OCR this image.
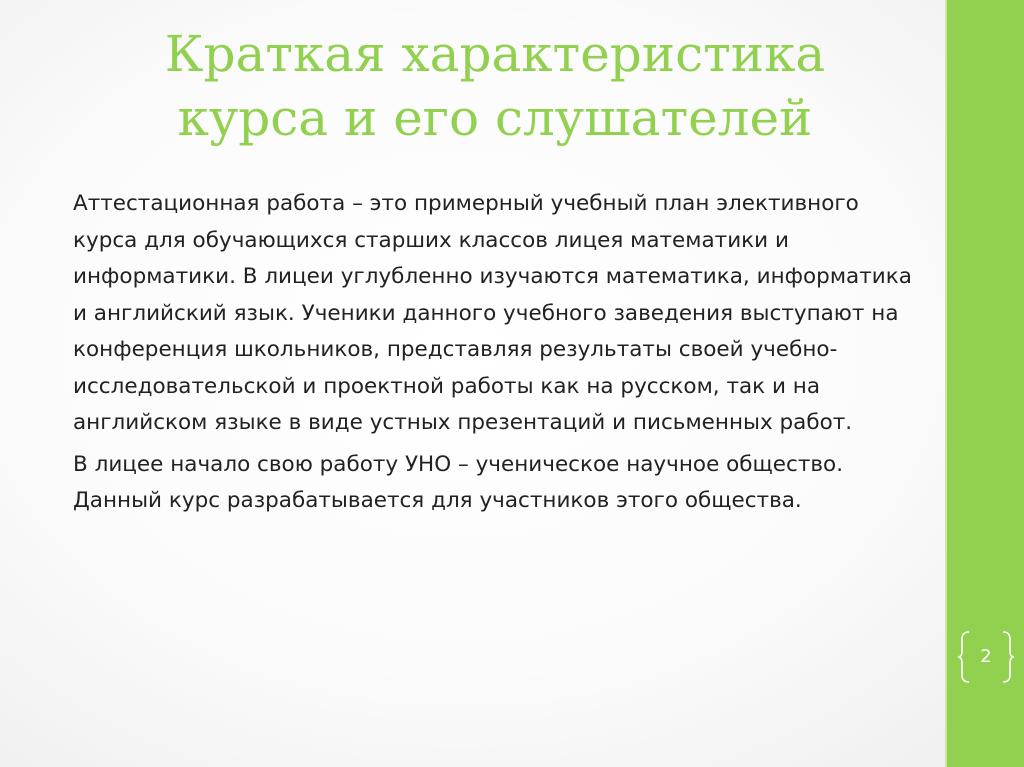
Краткая характеристика
курса и его слушателей

Аттестационная работа – это примерный учебный план элективного курса для обучающихся старших классов лицея математики и информатики. В лицеи углубленно изучаются математика, информатика и английский язык. Ученики данного учебного заведения выступают на конференция школьников, представляя результаты своей учебно-исследовательской и проектной работы как на русском, так и на английском языке в виде устных презентаций и письменных работ.

В лицее начало свою работу УНО – ученическое научное общество. Данный курс разрабатывается для участников этого общества.

2
